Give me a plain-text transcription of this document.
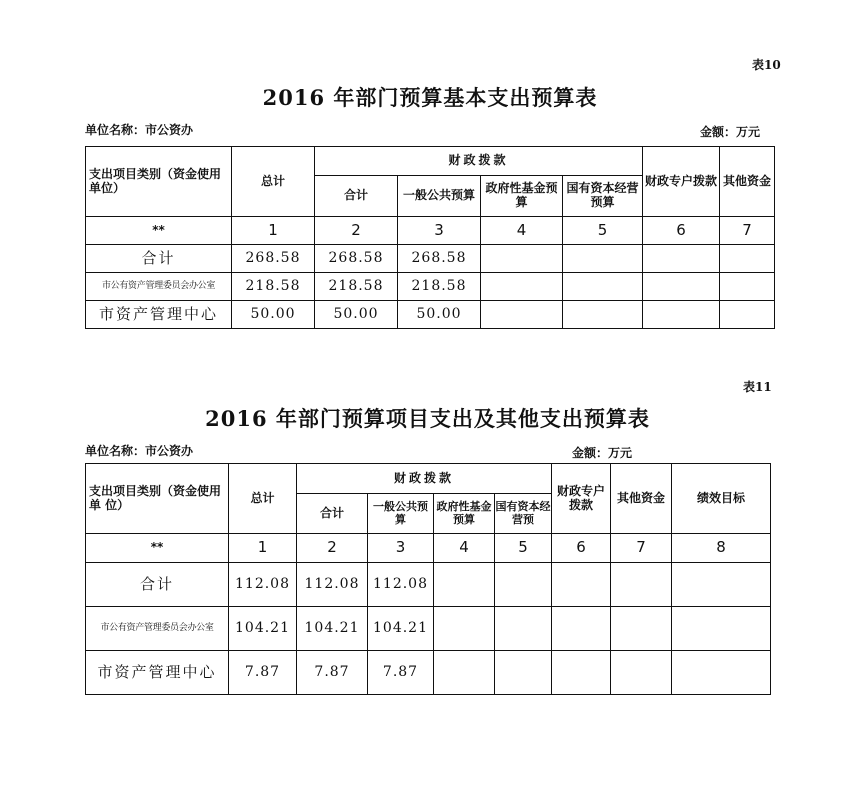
表10
2016 年部门预算基本支出预算表
单位名称：市公资办	金额：万元
支出项目类别（资金使用单位）	总计	财政拨款				财政专户拨款	其他资金
		合计	一般公共预算	政府性基金预算	国有资本经营预算		
**	1	2	3	4	5	6	7
合计	268.58	268.58	268.58				
市公有资产管理委员会办公室	218.58	218.58	218.58				
市资产管理中心	50.00	50.00	50.00				
表11
2016 年部门预算项目支出及其他支出预算表
单位名称：市公资办	金额：万元
支出项目类别（资金使用单 位）	总计	财政拨款				财政专户拨款	其他资金	绩效目标
		合计	一般公共预算	政府性基金预算	国有资本经 营预			
**	1	2	3	4	5	6	7	8
合计	112.08	112.08	112.08					
市公有资产管理委员会办公室	104.21	104.21	104.21					
市资产管理中心	7.87	7.87	7.87					
